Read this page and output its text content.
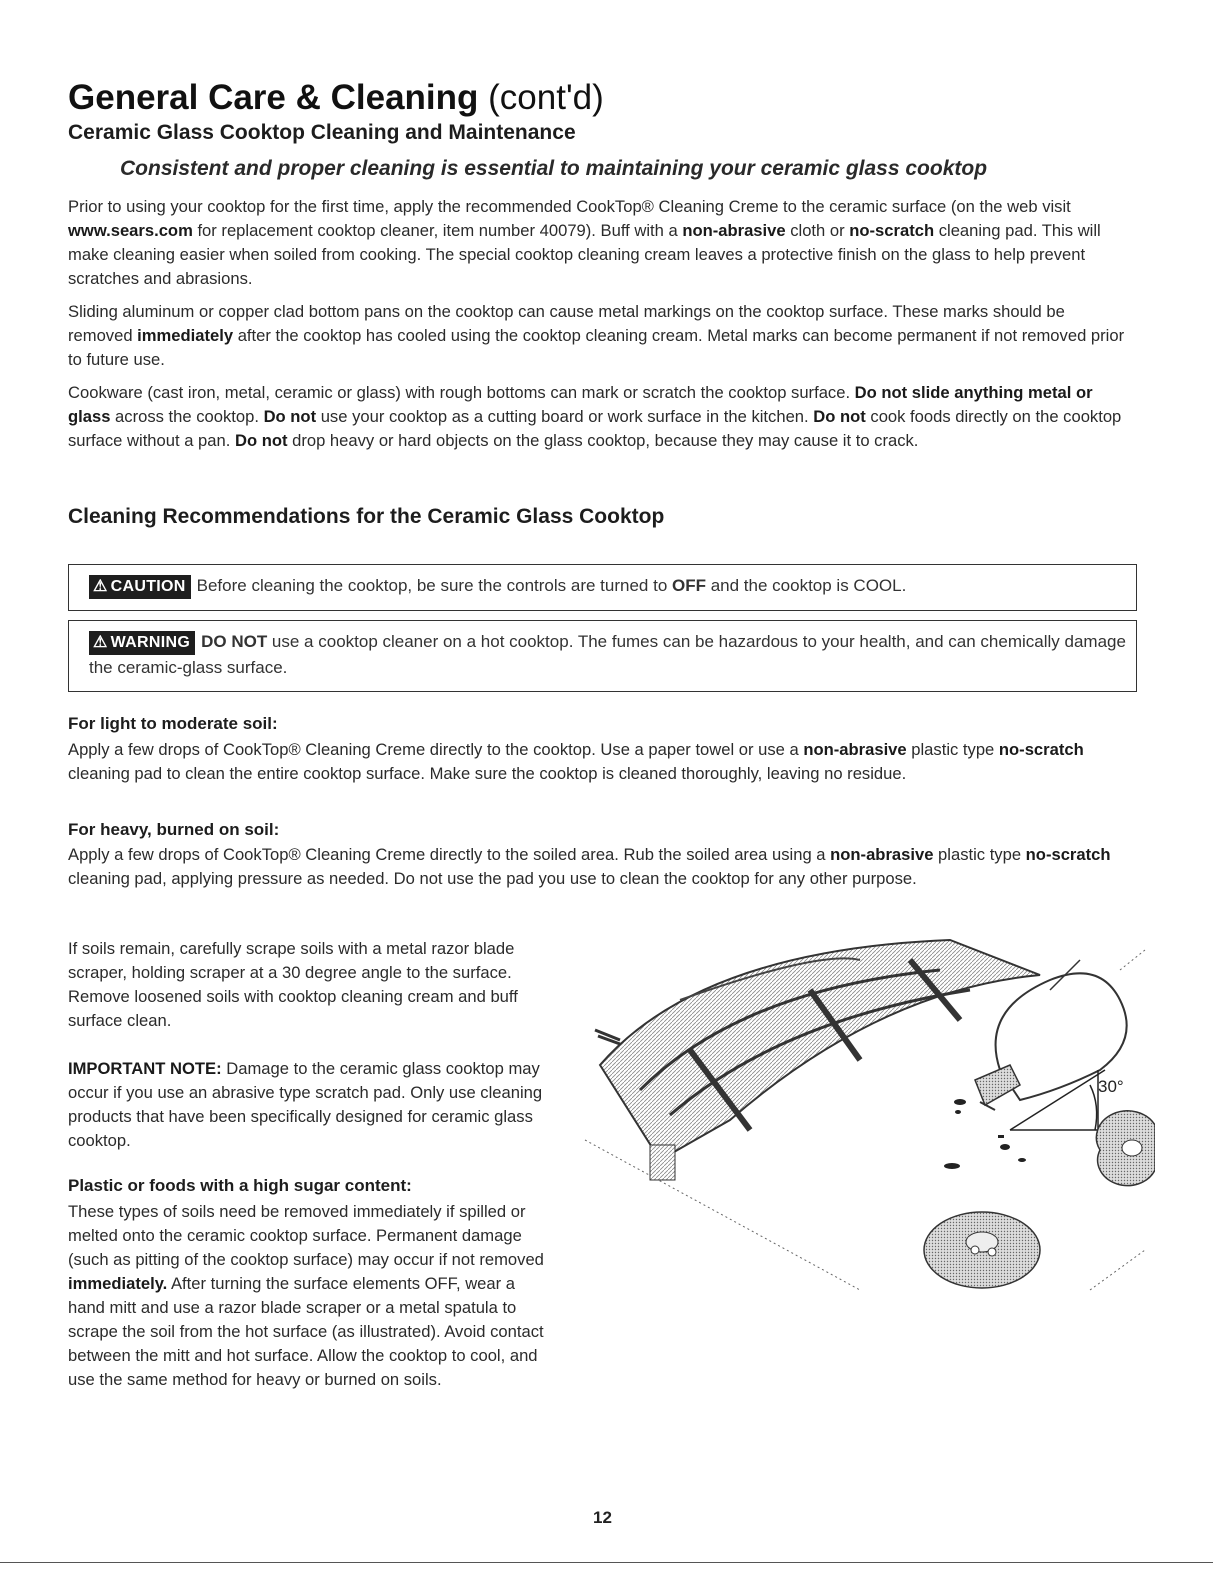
General Care & Cleaning (cont'd)
Ceramic Glass Cooktop Cleaning and Maintenance
Consistent and proper cleaning is essential to maintaining your ceramic glass cooktop

Prior to using your cooktop for the first time, apply the recommended CookTop® Cleaning Creme to the ceramic surface (on the web visit www.sears.com for replacement cooktop cleaner, item number 40079). Buff with a non-abrasive cloth or no-scratch cleaning pad. This will make cleaning easier when soiled from cooking. The special cooktop cleaning cream leaves a protective finish on the glass to help prevent scratches and abrasions.

Sliding aluminum or copper clad bottom pans on the cooktop can cause metal markings on the cooktop surface. These marks should be removed immediately after the cooktop has cooled using the cooktop cleaning cream. Metal marks can become permanent if not removed prior to future use.

Cookware (cast iron, metal, ceramic or glass) with rough bottoms can mark or scratch the cooktop surface. Do not slide anything metal or glass across the cooktop. Do not use your cooktop as a cutting board or work surface in the kitchen. Do not cook foods directly on the cooktop surface without a pan. Do not drop heavy or hard objects on the glass cooktop, because they may cause it to crack.

Cleaning Recommendations for the Ceramic Glass Cooktop
⚠ CAUTION Before cleaning the cooktop, be sure the controls are turned to OFF and the cooktop is COOL.
⚠ WARNING DO NOT use a cooktop cleaner on a hot cooktop. The fumes can be hazardous to your health, and can chemically damage the ceramic-glass surface.
For light to moderate soil:

Apply a few drops of CookTop® Cleaning Creme directly to the cooktop. Use a paper towel or use a non-abrasive plastic type no-scratch cleaning pad to clean the entire cooktop surface. Make sure the cooktop is cleaned thoroughly, leaving no residue.

For heavy, burned on soil:

Apply a few drops of CookTop® Cleaning Creme directly to the soiled area. Rub the soiled area using a non-abrasive plastic type no-scratch cleaning pad, applying pressure as needed. Do not use the pad you use to clean the cooktop for any other purpose.

If soils remain, carefully scrape soils with a metal razor blade scraper, holding scraper at a 30 degree angle to the surface. Remove loosened soils with cooktop cleaning cream and buff surface clean.

IMPORTANT NOTE: Damage to the ceramic glass cooktop may occur if you use an abrasive type scratch pad. Only use cleaning products that have been specifically designed for ceramic glass cooktop.

Plastic or foods with a high sugar content:

These types of soils need be removed immediately if spilled or melted onto the ceramic cooktop surface. Permanent damage (such as pitting of the cooktop surface) may occur if not removed immediately. After turning the surface elements OFF, wear a hand mitt and use a razor blade scraper or a metal spatula to scrape the soil from the hot surface (as illustrated). Avoid contact between the mitt and hot surface. Allow the cooktop to cool, and use the same method for heavy or burned on soils.

30°
12
